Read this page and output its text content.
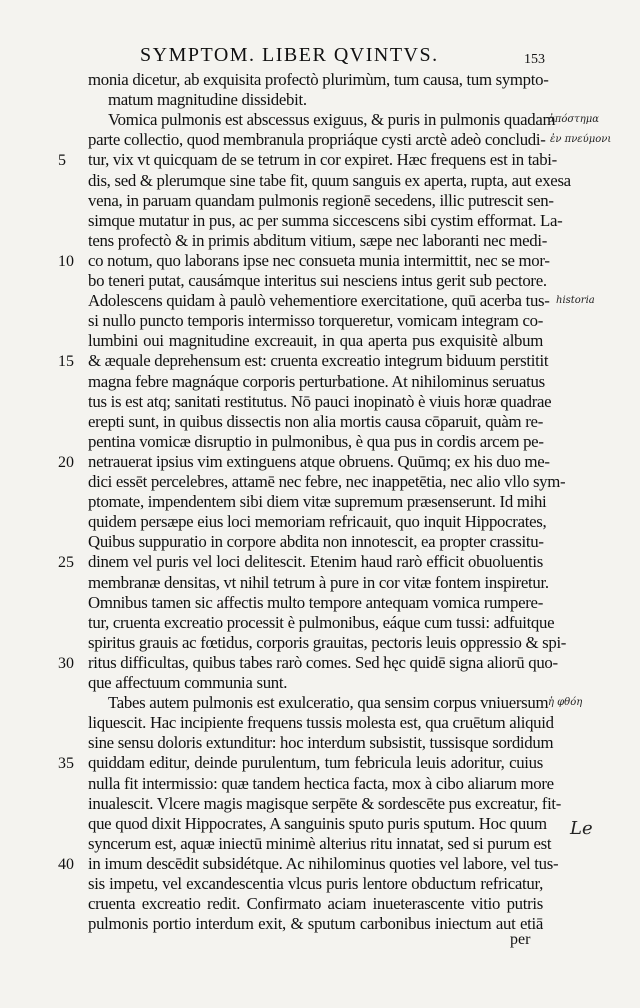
SYMPTOM. LIBER QVINTVS.	153
monia dicetur, ab exquisita profectò plurimùm, tum causa, tum sympto-
matum magnitudine dissidebit.
Vomica pulmonis est abscessus exiguus, & puris in pulmonis quadam
parte collectio, quod membranula propriáque cysti arctè adeò concludi-
5 tur, vix vt quicquam de se tetrum in cor expiret. Hæc frequens est in tabi-
dis, sed & plerumque sine tabe fit, quum sanguis ex aperta, rupta, aut exesa
vena, in paruam quandam pulmonis regionē secedens, illic putrescit sen-
simque mutatur in pus, ac per summa siccescens sibi cystim efformat. La-
tens profectò & in primis abditum vitium, sæpe nec laboranti nec medi-
10 co notum, quo laborans ipse nec consueta munia intermittit, nec se mor-
bo teneri putat, causámque interitus sui nesciens intus gerit sub pectore.
Adolescens quidam à paulò vehementiore exercitatione, quū acerba tus-
si nullo puncto temporis intermisso torqueretur, vomicam integram co-
lumbini oui magnitudine excreauit, in qua aperta pus exquisitè album
15 & æquale deprehensum est: cruenta excreatio integrum biduum perstitit
magna febre magnáque corporis perturbatione. At nihilominus seruatus
tus is est atq; sanitati restitutus. Nō pauci inopinatò è viuis horæ quadrae
erepti sunt, in quibus dissectis non alia mortis causa cōparuit, quàm re-
pentina vomicæ disruptio in pulmonibus, è qua pus in cordis arcem pe-
20 netrauerat ipsius vim extinguens atque obruens. Quūmq; ex his duo me-
dici essēt percelebres, attamē nec febre, nec inappetētia, nec alio vllo sym-
ptomate, impendentem sibi diem vitæ supremum præsenserunt. Id mihi
quidem persæpe eius loci memoriam refricauit, quo inquit Hippocrates,
Quibus suppuratio in corpore abdita non innotescit, ea propter crassitu-
25 dinem vel puris vel loci delitescit. Etenim haud rarò efficit obuoluentis
membranæ densitas, vt nihil tetrum à pure in cor vitæ fontem inspiretur.
Omnibus tamen sic affectis multo tempore antequam vomica rumpere-
tur, cruenta excreatio processit è pulmonibus, eáque cum tussi: adfuitque
spiritus grauis ac fœtidus, corporis grauitas, pectoris leuis oppressio & spi-
30 ritus difficultas, quibus tabes rarò comes. Sed hęc quidē signa aliorū quo-
que affectuum communia sunt.
Tabes autem pulmonis est exulceratio, qua sensim corpus vniuersum
liquescit. Hac incipiente frequens tussis molesta est, qua cruētum aliquid
sine sensu doloris extunditur: hoc interdum subsistit, tussisque sordidum
35 quiddam editur, deinde purulentum, tum febricula leuis adoritur, cuius
nulla fit intermissio: quæ tandem hectica facta, mox à cibo aliarum more
inualescit. Vlcere magis magisque serpēte & sordescēte pus excreatur, fit-
que quod dixit Hippocrates, A sanguinis sputo puris sputum. Hoc quum
syncerum est, aquæ iniectū minimè alterius ritu innatat, sed si purum est
40 in imum descēdit subsidétque. Ac nihilominus quoties vel labore, vel tus-
sis impetu, vel excandescentia vlcus puris lentore obductum refricatur,
cruenta excreatio redit. Confirmato aciam inueterascente vitio putris
pulmonis portio interdum exit, & sputum carbonibus iniectum aut etiā
ἀπόστημα
ἐν πνεύμονι
historia
ἡ φθόη
Le
per
